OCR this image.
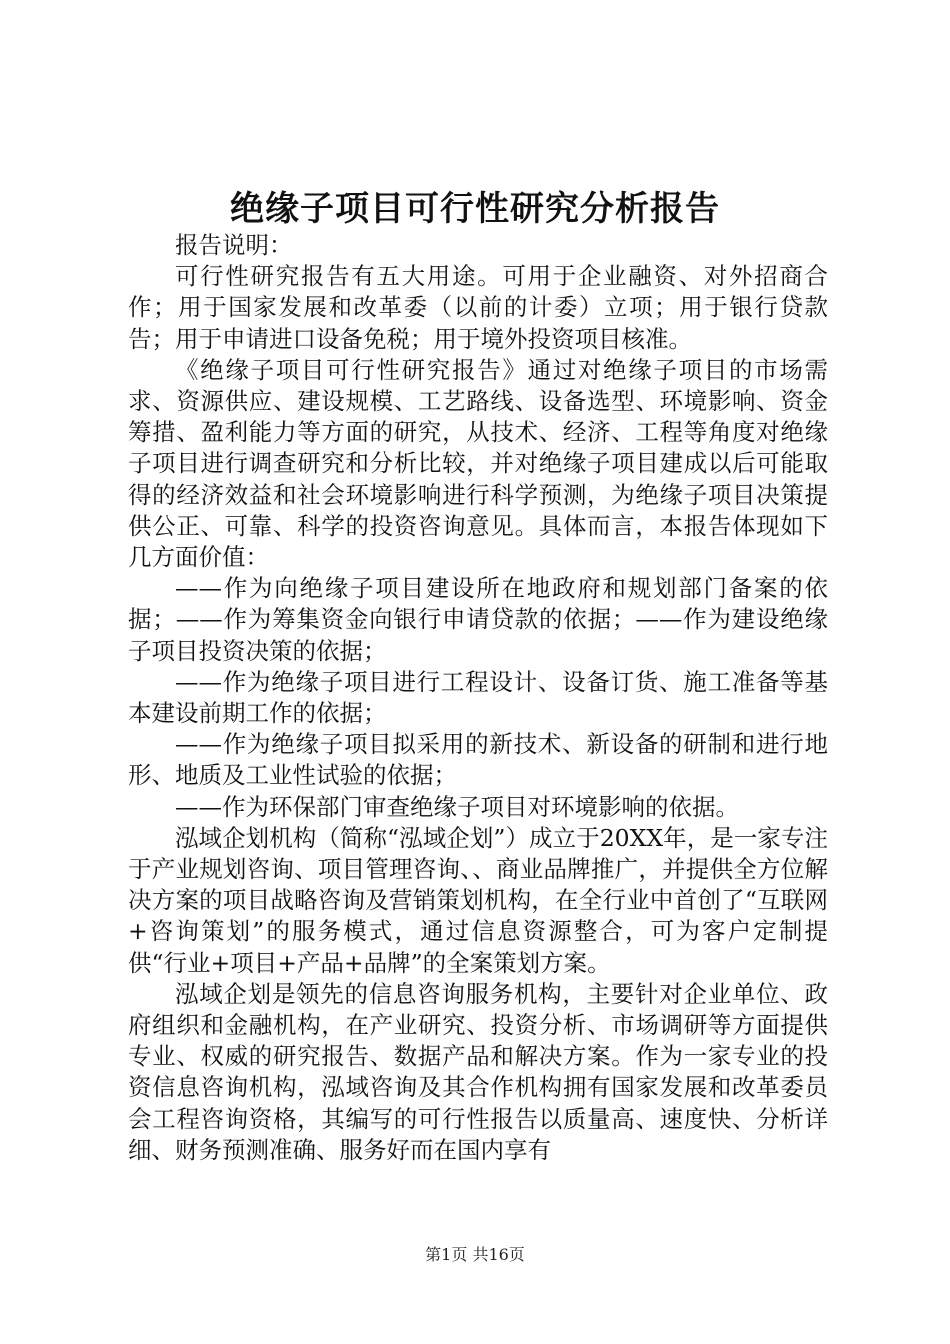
绝缘子项目可行性研究分析报告

报告说明：

可行性研究报告有五大用途。可用于企业融资、对外招商合作；用于国家发展和改革委（以前的计委）立项；用于银行贷款告；用于申请进口设备免税；用于境外投资项目核准。

《绝缘子项目可行性研究报告》通过对绝缘子项目的市场需求、资源供应、建设规模、工艺路线、设备选型、环境影响、资金筹措、盈利能力等方面的研究，从技术、经济、工程等角度对绝缘子项目进行调查研究和分析比较，并对绝缘子项目建成以后可能取得的经济效益和社会环境影响进行科学预测，为绝缘子项目决策提供公正、可靠、科学的投资咨询意见。具体而言，本报告体现如下几方面价值：

——作为向绝缘子项目建设所在地政府和规划部门备案的依据；——作为筹集资金向银行申请贷款的依据；——作为建设绝缘子项目投资决策的依据；

——作为绝缘子项目进行工程设计、设备订货、施工准备等基本建设前期工作的依据；

——作为绝缘子项目拟采用的新技术、新设备的研制和进行地形、地质及工业性试验的依据；

——作为环保部门审查绝缘子项目对环境影响的依据。

泓域企划机构（简称“泓域企划”）成立于20XX年，是一家专注于产业规划咨询、项目管理咨询、、商业品牌推广，并提供全方位解决方案的项目战略咨询及营销策划机构，在全行业中首创了“互联网+咨询策划”的服务模式，通过信息资源整合，可为客户定制提供“行业+项目+产品+品牌”的全案策划方案。

泓域企划是领先的信息咨询服务机构，主要针对企业单位、政府组织和金融机构，在产业研究、投资分析、市场调研等方面提供专业、权威的研究报告、数据产品和解决方案。作为一家专业的投资信息咨询机构，泓域咨询及其合作机构拥有国家发展和改革委员会工程咨询资格，其编写的可行性报告以质量高、速度快、分析详细、财务预测准确、服务好而在国内享有

第1页 共16页
